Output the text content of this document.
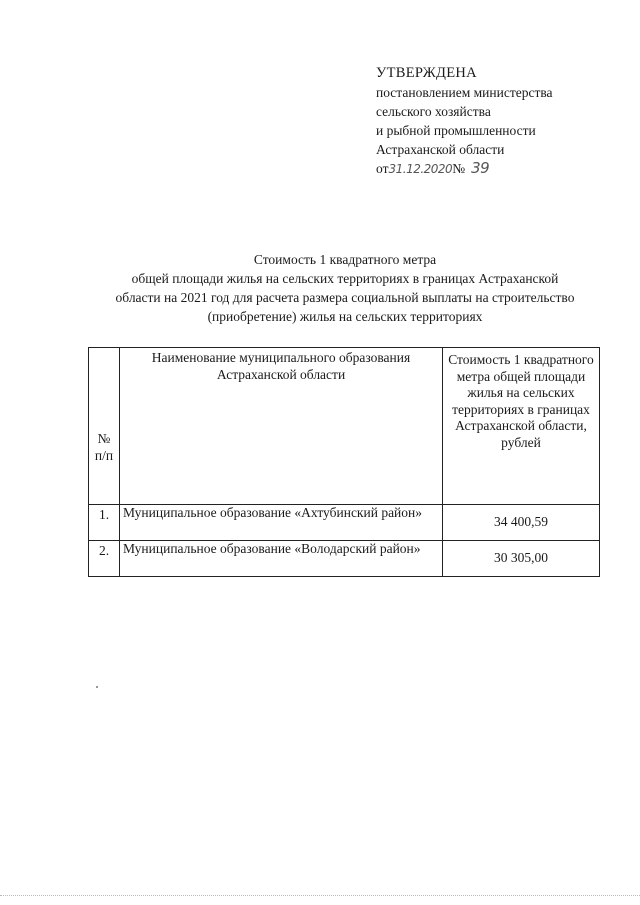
УТВЕРЖДЕНА
постановлением министерства
сельского хозяйства
и рыбной промышленности
Астраханской области
от31.12.2020№ 39
Стоимость 1 квадратного метра
общей площади жилья на сельских территориях в границах Астраханской
области на 2021 год для расчета размера социальной выплаты на строительство
(приобретение) жилья на сельских территориях
№ п/п	Наименование муниципального образования Астраханской области	Стоимость 1 квадратного метра общей площади жилья на сельских территориях в границах Астраханской области, рублей
1.	Муниципальное образование «Ахтубинский район»	34 400,59
2.	Муниципальное образование «Володарский район»	30 305,00
